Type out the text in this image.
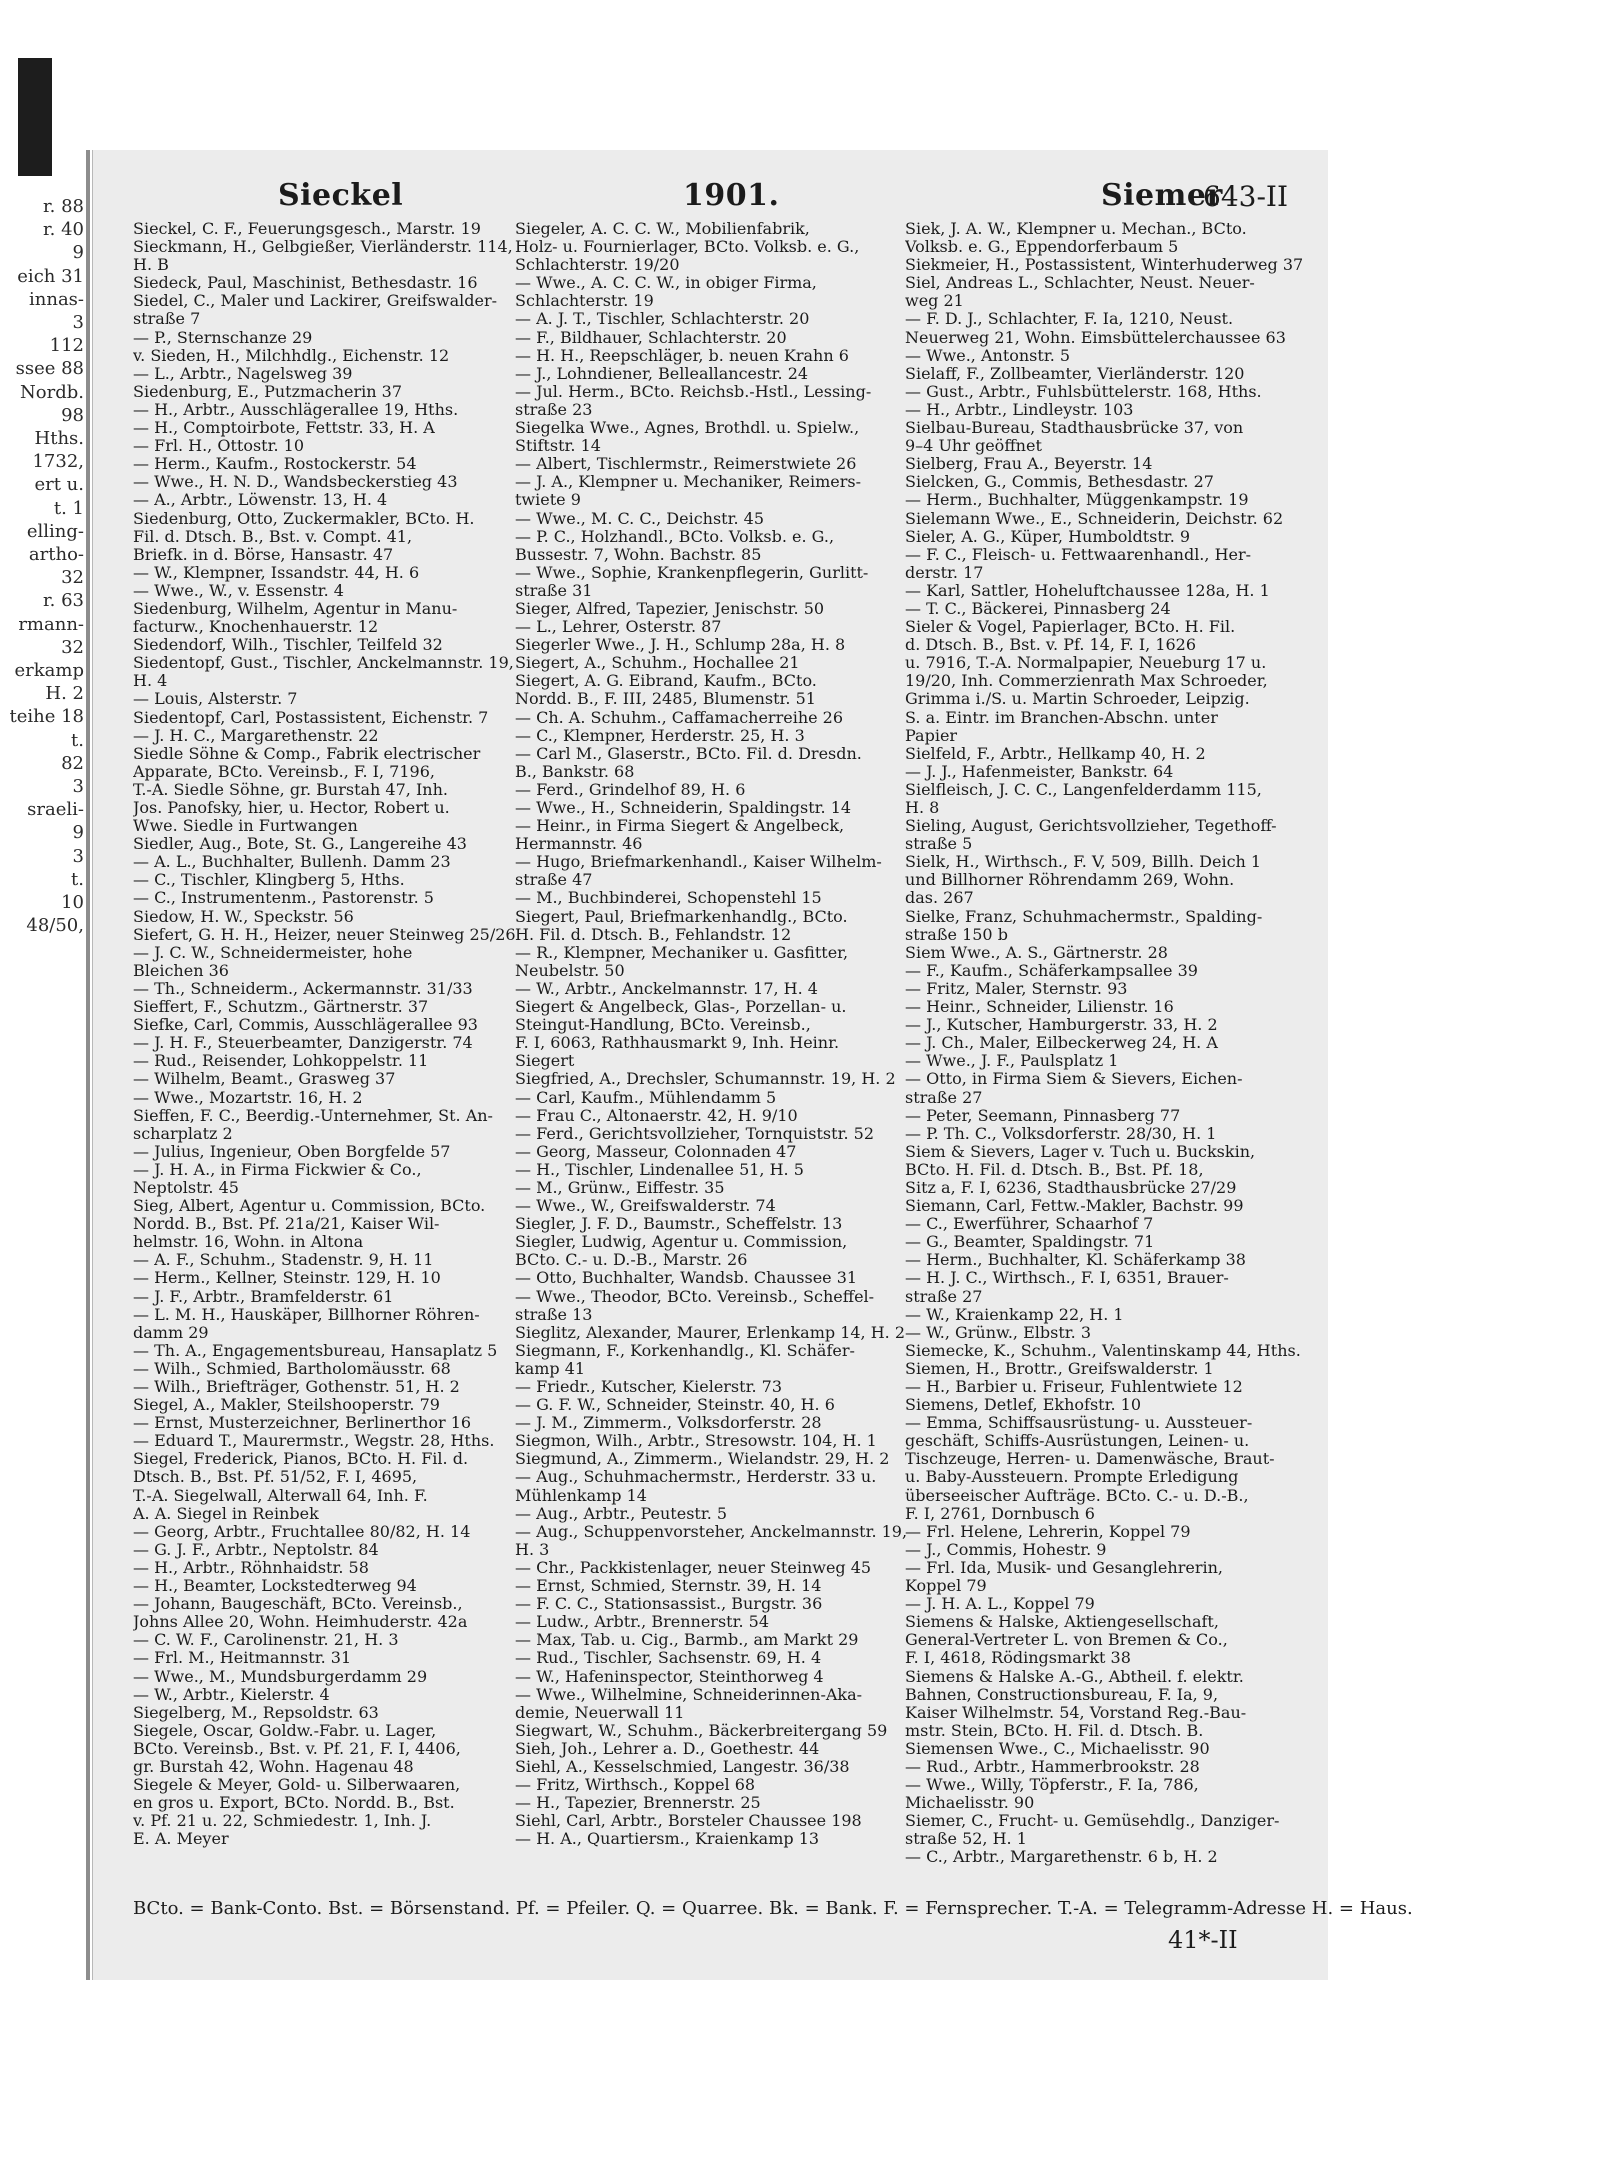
r. 88
r. 40
9
eich 31
innas-
3
112
ssee 88
Nordb.
98
Hths.
1732,
ert u.
t. 1
elling-
artho-
32
r. 63
rmann-
32
erkamp
H. 2
teihe 18
t.
82
3
sraeli-
9
3
t.
10
48/50,
Sieckel	1901.	Siemer
643-II
Sieckel, C. F., Feuerungsgesch., Marstr. 19
Sieckmann, H., Gelbgießer, Vierländerstr. 114,
H. B
Siedeck, Paul, Maschinist, Bethesdastr. 16
Siedel, C., Maler und Lackirer, Greifswalder-
straße 7
— P., Sternschanze 29
v. Sieden, H., Milchhdlg., Eichenstr. 12
— L., Arbtr., Nagelsweg 39
Siedenburg, E., Putzmacherin 37
— H., Arbtr., Ausschlägerallee 19, Hths.
— H., Comptoirbote, Fettstr. 33, H. A
— Frl. H., Ottostr. 10
— Herm., Kaufm., Rostockerstr. 54
— Wwe., H. N. D., Wandsbeckerstieg 43
— A., Arbtr., Löwenstr. 13, H. 4
Siedenburg, Otto, Zuckermakler, BCto. H.
Fil. d. Dtsch. B., Bst. v. Compt. 41,
Briefk. in d. Börse, Hansastr. 47
— W., Klempner, Issandstr. 44, H. 6
— Wwe., W., v. Essenstr. 4
Siedenburg, Wilhelm, Agentur in Manu-
facturw., Knochenhauerstr. 12
Siedendorf, Wilh., Tischler, Teilfeld 32
Siedentopf, Gust., Tischler, Anckelmannstr. 19,
H. 4
— Louis, Alsterstr. 7
Siedentopf, Carl, Postassistent, Eichenstr. 7
— J. H. C., Margarethenstr. 22
Siedle Söhne & Comp., Fabrik electrischer
Apparate, BCto. Vereinsb., F. I, 7196,
T.-A. Siedle Söhne, gr. Burstah 47, Inh.
Jos. Panofsky, hier, u. Hector, Robert u.
Wwe. Siedle in Furtwangen
Siedler, Aug., Bote, St. G., Langereihe 43
— A. L., Buchhalter, Bullenh. Damm 23
— C., Tischler, Klingberg 5, Hths.
— C., Instrumentenm., Pastorenstr. 5
Siedow, H. W., Speckstr. 56
Siefert, G. H. H., Heizer, neuer Steinweg 25/26
— J. C. W., Schneidermeister, hohe
Bleichen 36
— Th., Schneiderm., Ackermannstr. 31/33
Sieffert, F., Schutzm., Gärtnerstr. 37
Siefke, Carl, Commis, Ausschlägerallee 93
— J. H. F., Steuerbeamter, Danzigerstr. 74
— Rud., Reisender, Lohkoppelstr. 11
— Wilhelm, Beamt., Grasweg 37
— Wwe., Mozartstr. 16, H. 2
Sieffen, F. C., Beerdig.-Unternehmer, St. An-
scharplatz 2
— Julius, Ingenieur, Oben Borgfelde 57
— J. H. A., in Firma Fickwier & Co.,
Neptolstr. 45
Sieg, Albert, Agentur u. Commission, BCto.
Nordd. B., Bst. Pf. 21a/21, Kaiser Wil-
helmstr. 16, Wohn. in Altona
— A. F., Schuhm., Stadenstr. 9, H. 11
— Herm., Kellner, Steinstr. 129, H. 10
— J. F., Arbtr., Bramfelderstr. 61
— L. M. H., Hauskäper, Billhorner Röhren-
damm 29
— Th. A., Engagementsbureau, Hansaplatz 5
— Wilh., Schmied, Bartholomäusstr. 68
— Wilh., Briefträger, Gothenstr. 51, H. 2
Siegel, A., Makler, Steilshooperstr. 79
— Ernst, Musterzeichner, Berlinerthor 16
— Eduard T., Maurermstr., Wegstr. 28, Hths.
Siegel, Frederick, Pianos, BCto. H. Fil. d.
Dtsch. B., Bst. Pf. 51/52, F. I, 4695,
T.-A. Siegelwall, Alterwall 64, Inh. F.
A. A. Siegel in Reinbek
— Georg, Arbtr., Fruchtallee 80/82, H. 14
— G. J. F., Arbtr., Neptolstr. 84
— H., Arbtr., Röhnhaidstr. 58
— H., Beamter, Lockstedterweg 94
— Johann, Baugeschäft, BCto. Vereinsb.,
Johns Allee 20, Wohn. Heimhuderstr. 42a
— C. W. F., Carolinenstr. 21, H. 3
— Frl. M., Heitmannstr. 31
— Wwe., M., Mundsburgerdamm 29
— W., Arbtr., Kielerstr. 4
Siegelberg, M., Repsoldstr. 63
Siegele, Oscar, Goldw.-Fabr. u. Lager,
BCto. Vereinsb., Bst. v. Pf. 21, F. I, 4406,
gr. Burstah 42, Wohn. Hagenau 48
Siegele & Meyer, Gold- u. Silberwaaren,
en gros u. Export, BCto. Nordd. B., Bst.
v. Pf. 21 u. 22, Schmiedestr. 1, Inh. J.
E. A. Meyer
Siegeler, A. C. C. W., Mobilienfabrik,
Holz- u. Fournierlager, BCto. Volksb. e. G.,
Schlachterstr. 19/20
— Wwe., A. C. C. W., in obiger Firma,
Schlachterstr. 19
— A. J. T., Tischler, Schlachterstr. 20
— F., Bildhauer, Schlachterstr. 20
— H. H., Reepschläger, b. neuen Krahn 6
— J., Lohndiener, Belleallancestr. 24
— Jul. Herm., BCto. Reichsb.-Hstl., Lessing-
straße 23
Siegelka Wwe., Agnes, Brothdl. u. Spielw.,
Stiftstr. 14
— Albert, Tischlermstr., Reimerstwiete 26
— J. A., Klempner u. Mechaniker, Reimers-
twiete 9
— Wwe., M. C. C., Deichstr. 45
— P. C., Holzhandl., BCto. Volksb. e. G.,
Bussestr. 7, Wohn. Bachstr. 85
— Wwe., Sophie, Krankenpflegerin, Gurlitt-
straße 31
Sieger, Alfred, Tapezier, Jenischstr. 50
— L., Lehrer, Osterstr. 87
Siegerler Wwe., J. H., Schlump 28a, H. 8
Siegert, A., Schuhm., Hochallee 21
Siegert, A. G. Eibrand, Kaufm., BCto.
Nordd. B., F. III, 2485, Blumenstr. 51
— Ch. A. Schuhm., Caffamacherreihe 26
— C., Klempner, Herderstr. 25, H. 3
— Carl M., Glaserstr., BCto. Fil. d. Dresdn.
B., Bankstr. 68
— Ferd., Grindelhof 89, H. 6
— Wwe., H., Schneiderin, Spaldingstr. 14
— Heinr., in Firma Siegert & Angelbeck,
Hermannstr. 46
— Hugo, Briefmarkenhandl., Kaiser Wilhelm-
straße 47
— M., Buchbinderei, Schopenstehl 15
Siegert, Paul, Briefmarkenhandlg., BCto.
H. Fil. d. Dtsch. B., Fehlandstr. 12
— R., Klempner, Mechaniker u. Gasfitter,
Neubelstr. 50
— W., Arbtr., Anckelmannstr. 17, H. 4
Siegert & Angelbeck, Glas-, Porzellan- u.
Steingut-Handlung, BCto. Vereinsb.,
F. I, 6063, Rathhausmarkt 9, Inh. Heinr.
Siegert
Siegfried, A., Drechsler, Schumannstr. 19, H. 2
— Carl, Kaufm., Mühlendamm 5
— Frau C., Altonaerstr. 42, H. 9/10
— Ferd., Gerichtsvollzieher, Tornquiststr. 52
— Georg, Masseur, Colonnaden 47
— H., Tischler, Lindenallee 51, H. 5
— M., Grünw., Eiffestr. 35
— Wwe., W., Greifswalderstr. 74
Siegler, J. F. D., Baumstr., Scheffelstr. 13
Siegler, Ludwig, Agentur u. Commission,
BCto. C.- u. D.-B., Marstr. 26
— Otto, Buchhalter, Wandsb. Chaussee 31
— Wwe., Theodor, BCto. Vereinsb., Scheffel-
straße 13
Sieglitz, Alexander, Maurer, Erlenkamp 14, H. 2
Siegmann, F., Korkenhandlg., Kl. Schäfer-
kamp 41
— Friedr., Kutscher, Kielerstr. 73
— G. F. W., Schneider, Steinstr. 40, H. 6
— J. M., Zimmerm., Volksdorferstr. 28
Siegmon, Wilh., Arbtr., Stresowstr. 104, H. 1
Siegmund, A., Zimmerm., Wielandstr. 29, H. 2
— Aug., Schuhmachermstr., Herderstr. 33 u.
Mühlenkamp 14
— Aug., Arbtr., Peutestr. 5
— Aug., Schuppenvorsteher, Anckelmannstr. 19,
H. 3
— Chr., Packkistenlager, neuer Steinweg 45
— Ernst, Schmied, Sternstr. 39, H. 14
— F. C. C., Stationsassist., Burgstr. 36
— Ludw., Arbtr., Brennerstr. 54
— Max, Tab. u. Cig., Barmb., am Markt 29
— Rud., Tischler, Sachsenstr. 69, H. 4
— W., Hafeninspector, Steinthorweg 4
— Wwe., Wilhelmine, Schneiderinnen-Aka-
demie, Neuerwall 11
Siegwart, W., Schuhm., Bäckerbreitergang 59
Sieh, Joh., Lehrer a. D., Goethestr. 44
Siehl, A., Kesselschmied, Langestr. 36/38
— Fritz, Wirthsch., Koppel 68
— H., Tapezier, Brennerstr. 25
Siehl, Carl, Arbtr., Borsteler Chaussee 198
— H. A., Quartiersm., Kraienkamp 13
Siek, J. A. W., Klempner u. Mechan., BCto.
Volksb. e. G., Eppendorferbaum 5
Siekmeier, H., Postassistent, Winterhuderweg 37
Siel, Andreas L., Schlachter, Neust. Neuer-
weg 21
— F. D. J., Schlachter, F. Ia, 1210, Neust.
Neuerweg 21, Wohn. Eimsbüttelerchaussee 63
— Wwe., Antonstr. 5
Sielaff, F., Zollbeamter, Vierländerstr. 120
— Gust., Arbtr., Fuhlsbüttelerstr. 168, Hths.
— H., Arbtr., Lindleystr. 103
Sielbau-Bureau, Stadthausbrücke 37, von
9–4 Uhr geöffnet
Sielberg, Frau A., Beyerstr. 14
Sielcken, G., Commis, Bethesdastr. 27
— Herm., Buchhalter, Müggenkampstr. 19
Sielemann Wwe., E., Schneiderin, Deichstr. 62
Sieler, A. G., Küper, Humboldtstr. 9
— F. C., Fleisch- u. Fettwaarenhandl., Her-
derstr. 17
— Karl, Sattler, Hoheluftchaussee 128a, H. 1
— T. C., Bäckerei, Pinnasberg 24
Sieler & Vogel, Papierlager, BCto. H. Fil.
d. Dtsch. B., Bst. v. Pf. 14, F. I, 1626
u. 7916, T.-A. Normalpapier, Neueburg 17 u.
19/20, Inh. Commerzienrath Max Schroeder,
Grimma i./S. u. Martin Schroeder, Leipzig.
S. a. Eintr. im Branchen-Abschn. unter
Papier
Sielfeld, F., Arbtr., Hellkamp 40, H. 2
— J. J., Hafenmeister, Bankstr. 64
Sielfleisch, J. C. C., Langenfelderdamm 115,
H. 8
Sieling, August, Gerichtsvollzieher, Tegethoff-
straße 5
Sielk, H., Wirthsch., F. V, 509, Billh. Deich 1
und Billhorner Röhrendamm 269, Wohn.
das. 267
Sielke, Franz, Schuhmachermstr., Spalding-
straße 150 b
Siem Wwe., A. S., Gärtnerstr. 28
— F., Kaufm., Schäferkampsallee 39
— Fritz, Maler, Sternstr. 93
— Heinr., Schneider, Lilienstr. 16
— J., Kutscher, Hamburgerstr. 33, H. 2
— J. Ch., Maler, Eilbeckerweg 24, H. A
— Wwe., J. F., Paulsplatz 1
— Otto, in Firma Siem & Sievers, Eichen-
straße 27
— Peter, Seemann, Pinnasberg 77
— P. Th. C., Volksdorferstr. 28/30, H. 1
Siem & Sievers, Lager v. Tuch u. Buckskin,
BCto. H. Fil. d. Dtsch. B., Bst. Pf. 18,
Sitz a, F. I, 6236, Stadthausbrücke 27/29
Siemann, Carl, Fettw.-Makler, Bachstr. 99
— C., Ewerführer, Schaarhof 7
— G., Beamter, Spaldingstr. 71
— Herm., Buchhalter, Kl. Schäferkamp 38
— H. J. C., Wirthsch., F. I, 6351, Brauer-
straße 27
— W., Kraienkamp 22, H. 1
— W., Grünw., Elbstr. 3
Siemecke, K., Schuhm., Valentinskamp 44, Hths.
Siemen, H., Brottr., Greifswalderstr. 1
— H., Barbier u. Friseur, Fuhlentwiete 12
Siemens, Detlef, Ekhofstr. 10
— Emma, Schiffsausrüstung- u. Aussteuer-
geschäft, Schiffs-Ausrüstungen, Leinen- u.
Tischzeuge, Herren- u. Damenwäsche, Braut-
u. Baby-Aussteuern. Prompte Erledigung
überseeischer Aufträge. BCto. C.- u. D.-B.,
F. I, 2761, Dornbusch 6
— Frl. Helene, Lehrerin, Koppel 79
— J., Commis, Hohestr. 9
— Frl. Ida, Musik- und Gesanglehrerin,
Koppel 79
— J. H. A. L., Koppel 79
Siemens & Halske, Aktiengesellschaft,
General-Vertreter L. von Bremen & Co.,
F. I, 4618, Rödingsmarkt 38
Siemens & Halske A.-G., Abtheil. f. elektr.
Bahnen, Constructionsbureau, F. Ia, 9,
Kaiser Wilhelmstr. 54, Vorstand Reg.-Bau-
mstr. Stein, BCto. H. Fil. d. Dtsch. B.
Siemensen Wwe., C., Michaelisstr. 90
— Rud., Arbtr., Hammerbrookstr. 28
— Wwe., Willy, Töpferstr., F. Ia, 786,
Michaelisstr. 90
Siemer, C., Frucht- u. Gemüsehdlg., Danziger-
straße 52, H. 1
— C., Arbtr., Margarethenstr. 6 b, H. 2
BCto. = Bank-Conto. Bst. = Börsenstand. Pf. = Pfeiler. Q. = Quarree. Bk. = Bank. F. = Fernsprecher. T.-A. = Telegramm-Adresse H. = Haus.
41*-II
